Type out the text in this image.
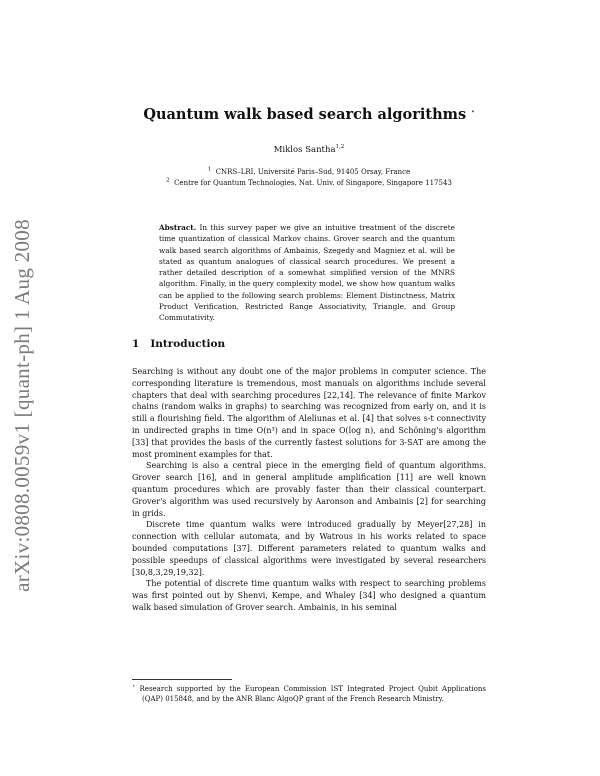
arXiv:0808.0059v1 [quant-ph] 1 Aug 2008
Quantum walk based search algorithms ⋆
Miklos Santha$^{1,2}$
$^1$ CNRS–LRI, Université Paris–Sud, 91405 Orsay, France
$^2$ Centre for Quantum Technologies, Nat. Univ. of Singapore, Singapore 117543
Abstract. In this survey paper we give an intuitive treatment of the discrete time quantization of classical Markov chains. Grover search and the quantum walk based search algorithms of Ambainis, Szegedy and Magniez et al. will be stated as quantum analogues of classical search procedures. We present a rather detailed description of a somewhat simplified version of the MNRS algorithm. Finally, in the query complexity model, we show how quantum walks can be applied to the following search problems: Element Distinctness, Matrix Product Verification, Restricted Range Associativity, Triangle, and Group Commutativity.
1 Introduction

Searching is without any doubt one of the major problems in computer science. The corresponding literature is tremendous, most manuals on algorithms include several chapters that deal with searching procedures [22,14]. The relevance of finite Markov chains (random walks in graphs) to searching was recognized from early on, and it is still a flourishing field. The algorithm of Aleliunas et al. [4] that solves s-t connectivity in undirected graphs in time O(n³) and in space O(log n), and Schöning's algorithm [33] that provides the basis of the currently fastest solutions for 3-SAT are among the most prominent examples for that.

Searching is also a central piece in the emerging field of quantum algorithms. Grover search [16], and in general amplitude amplification [11] are well known quantum procedures which are provably faster than their classical counterpart. Grover's algorithm was used recursively by Aaronson and Ambainis [2] for searching in grids.

Discrete time quantum walks were introduced gradually by Meyer[27,28] in connection with cellular automata, and by Watrous in his works related to space bounded computations [37]. Different parameters related to quantum walks and possible speedups of classical algorithms were investigated by several researchers [30,8,3,29,19,32].

The potential of discrete time quantum walks with respect to searching problems was first pointed out by Shenvi, Kempe, and Whaley [34] who designed a quantum walk based simulation of Grover search. Ambainis, in his seminal

⋆ Research supported by the European Commission IST Integrated Project Qubit Applications (QAP) 015848, and by the ANR Blanc AlgoQP grant of the French Research Ministry.
